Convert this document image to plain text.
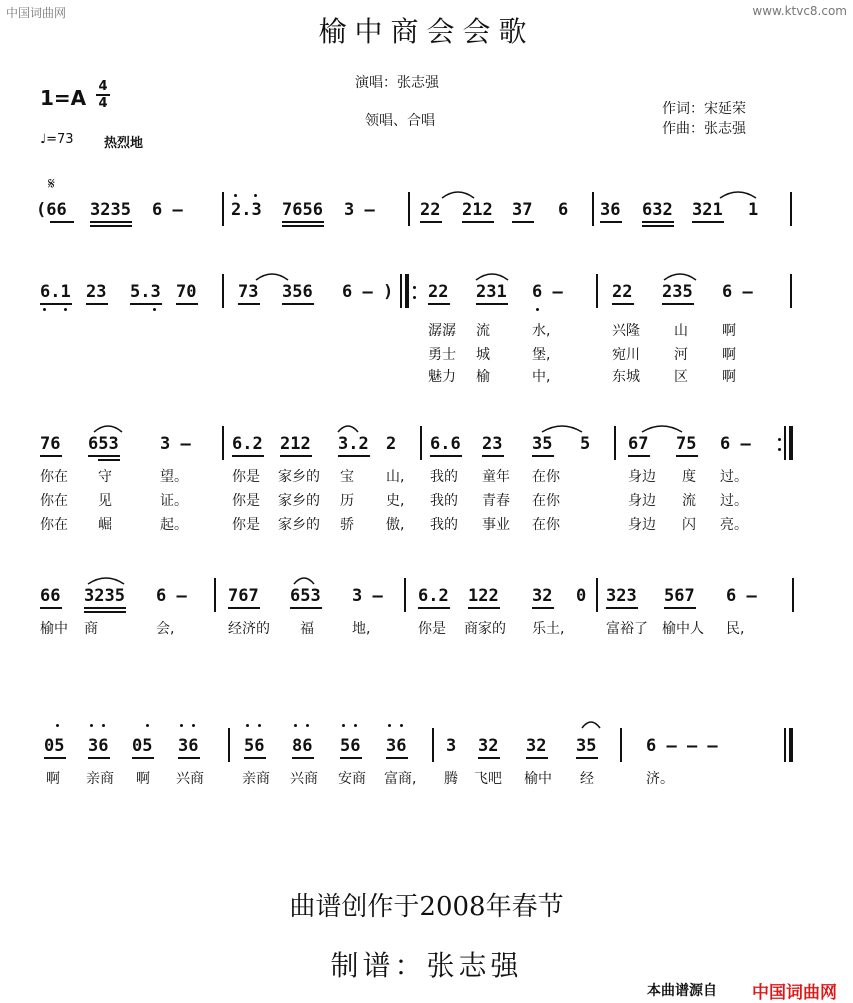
中国词曲网	www.ktvc8.com
榆中商会会歌
1=A 4
4
演唱：张志强
领唱、合唱
作词：宋延荣
作曲：张志强
♩=73 热烈地
𝄋
(66 3235 6 –	2.3 7656 3 –	22 212 37 6 36 632 321 1
6.1 23 5.3 70 73 356 6 – ) 22 231 6 –	22 235 6 –
潺潺 流	水,	兴隆 山 啊
勇士 城	堡,	宛川 河 啊
魅力 榆	中,	东城 区 啊
76 653 3 – 6.2 212 3.2 2 6.6 23 35 5 67 75 6 –
你在 守	望。	你是 家乡的 宝 山, 我的 童年 在你	身边 度 过。
你在 见	证。	你是 家乡的 历 史, 我的 青春 在你	身边 流 过。
你在 崛	起。	你是 家乡的 骄 傲, 我的 事业 在你	身边 闪 亮。
66 3235 6 – 767 653 3 – 6.2 122 32 0 323 567 6 –
榆中 商	会,	经济的 福	地,	你是 商家的 乐土,	富裕了 榆中人 民,
05 36 05 36	56 86 56 36 3 32 32 35	6 – – –
啊 亲商 啊 兴商	亲商 兴商 安商 富商, 腾 飞吧 榆中 经	济。
曲谱创作于2008年春节
制谱：张志强
本曲谱源自 中国词曲网
